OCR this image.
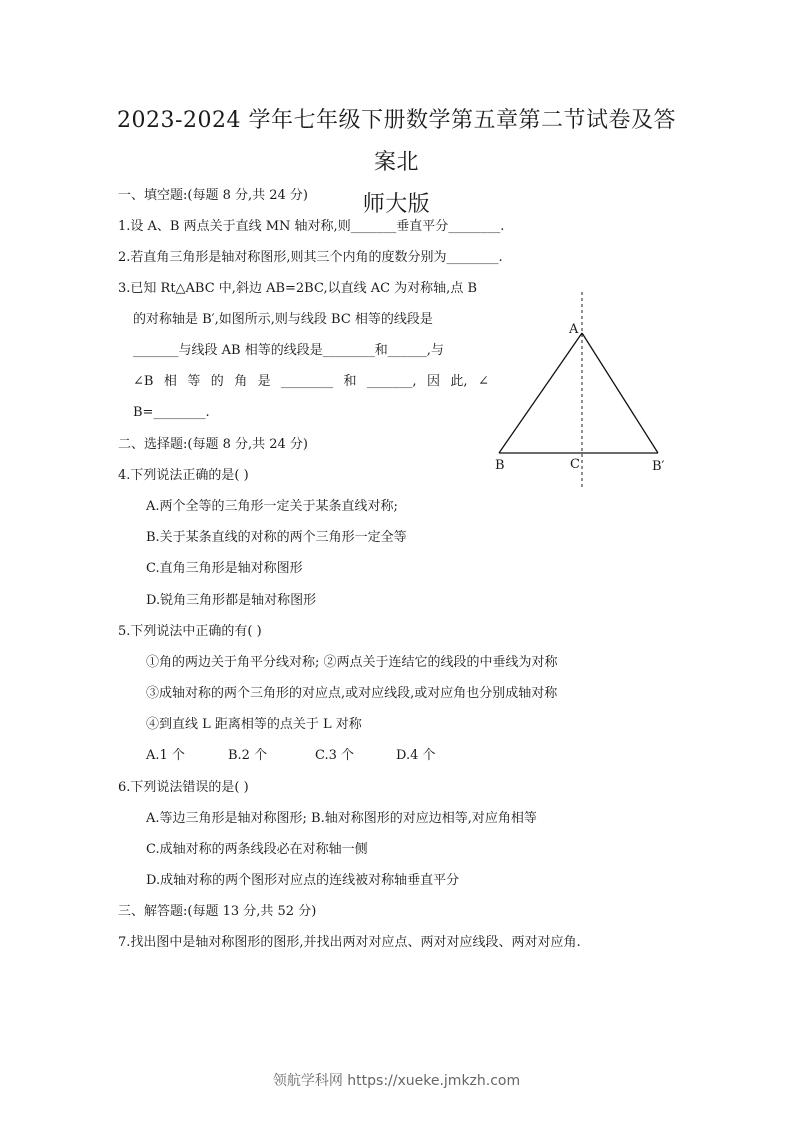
2023-2024 学年七年级下册数学第五章第二节试卷及答案北
师大版
一、填空题:(每题 8 分,共 24 分)
1.设 A、B 两点关于直线 MN 轴对称,则_______垂直平分________.
2.若直角三角形是轴对称图形,则其三个内角的度数分别为________.
3.已知 Rt△ABC 中,斜边 AB=2BC,以直线 AC 为对称轴,点 B
的对称轴是 B′,如图所示,则与线段 BC 相等的线段是
_______与线段 AB 相等的线段是________和______,与
∠B 相 等 的 角 是 ________ 和 _______, 因 此, ∠
B=________.
A
B	C	B′
二、选择题:(每题 8 分,共 24 分)
4.下列说法正确的是( )
A.两个全等的三角形一定关于某条直线对称;
B.关于某条直线的对称的两个三角形一定全等
C.直角三角形是轴对称图形
D.锐角三角形都是轴对称图形
5.下列说法中正确的有( )
①角的两边关于角平分线对称; ②两点关于连结它的线段的中垂线为对称
③成轴对称的两个三角形的对应点,或对应线段,或对应角也分别成轴对称
④到直线 L 距离相等的点关于 L 对称
A.1 个	B.2 个	C.3 个	D.4 个
6.下列说法错误的是( )
A.等边三角形是轴对称图形; B.轴对称图形的对应边相等,对应角相等
C.成轴对称的两条线段必在对称轴一侧
D.成轴对称的两个图形对应点的连线被对称轴垂直平分
三、解答题:(每题 13 分,共 52 分)
7.找出图中是轴对称图形的图形,并找出两对对应点、两对对应线段、两对对应角.
领航学科网 https://xueke.jmkzh.com
